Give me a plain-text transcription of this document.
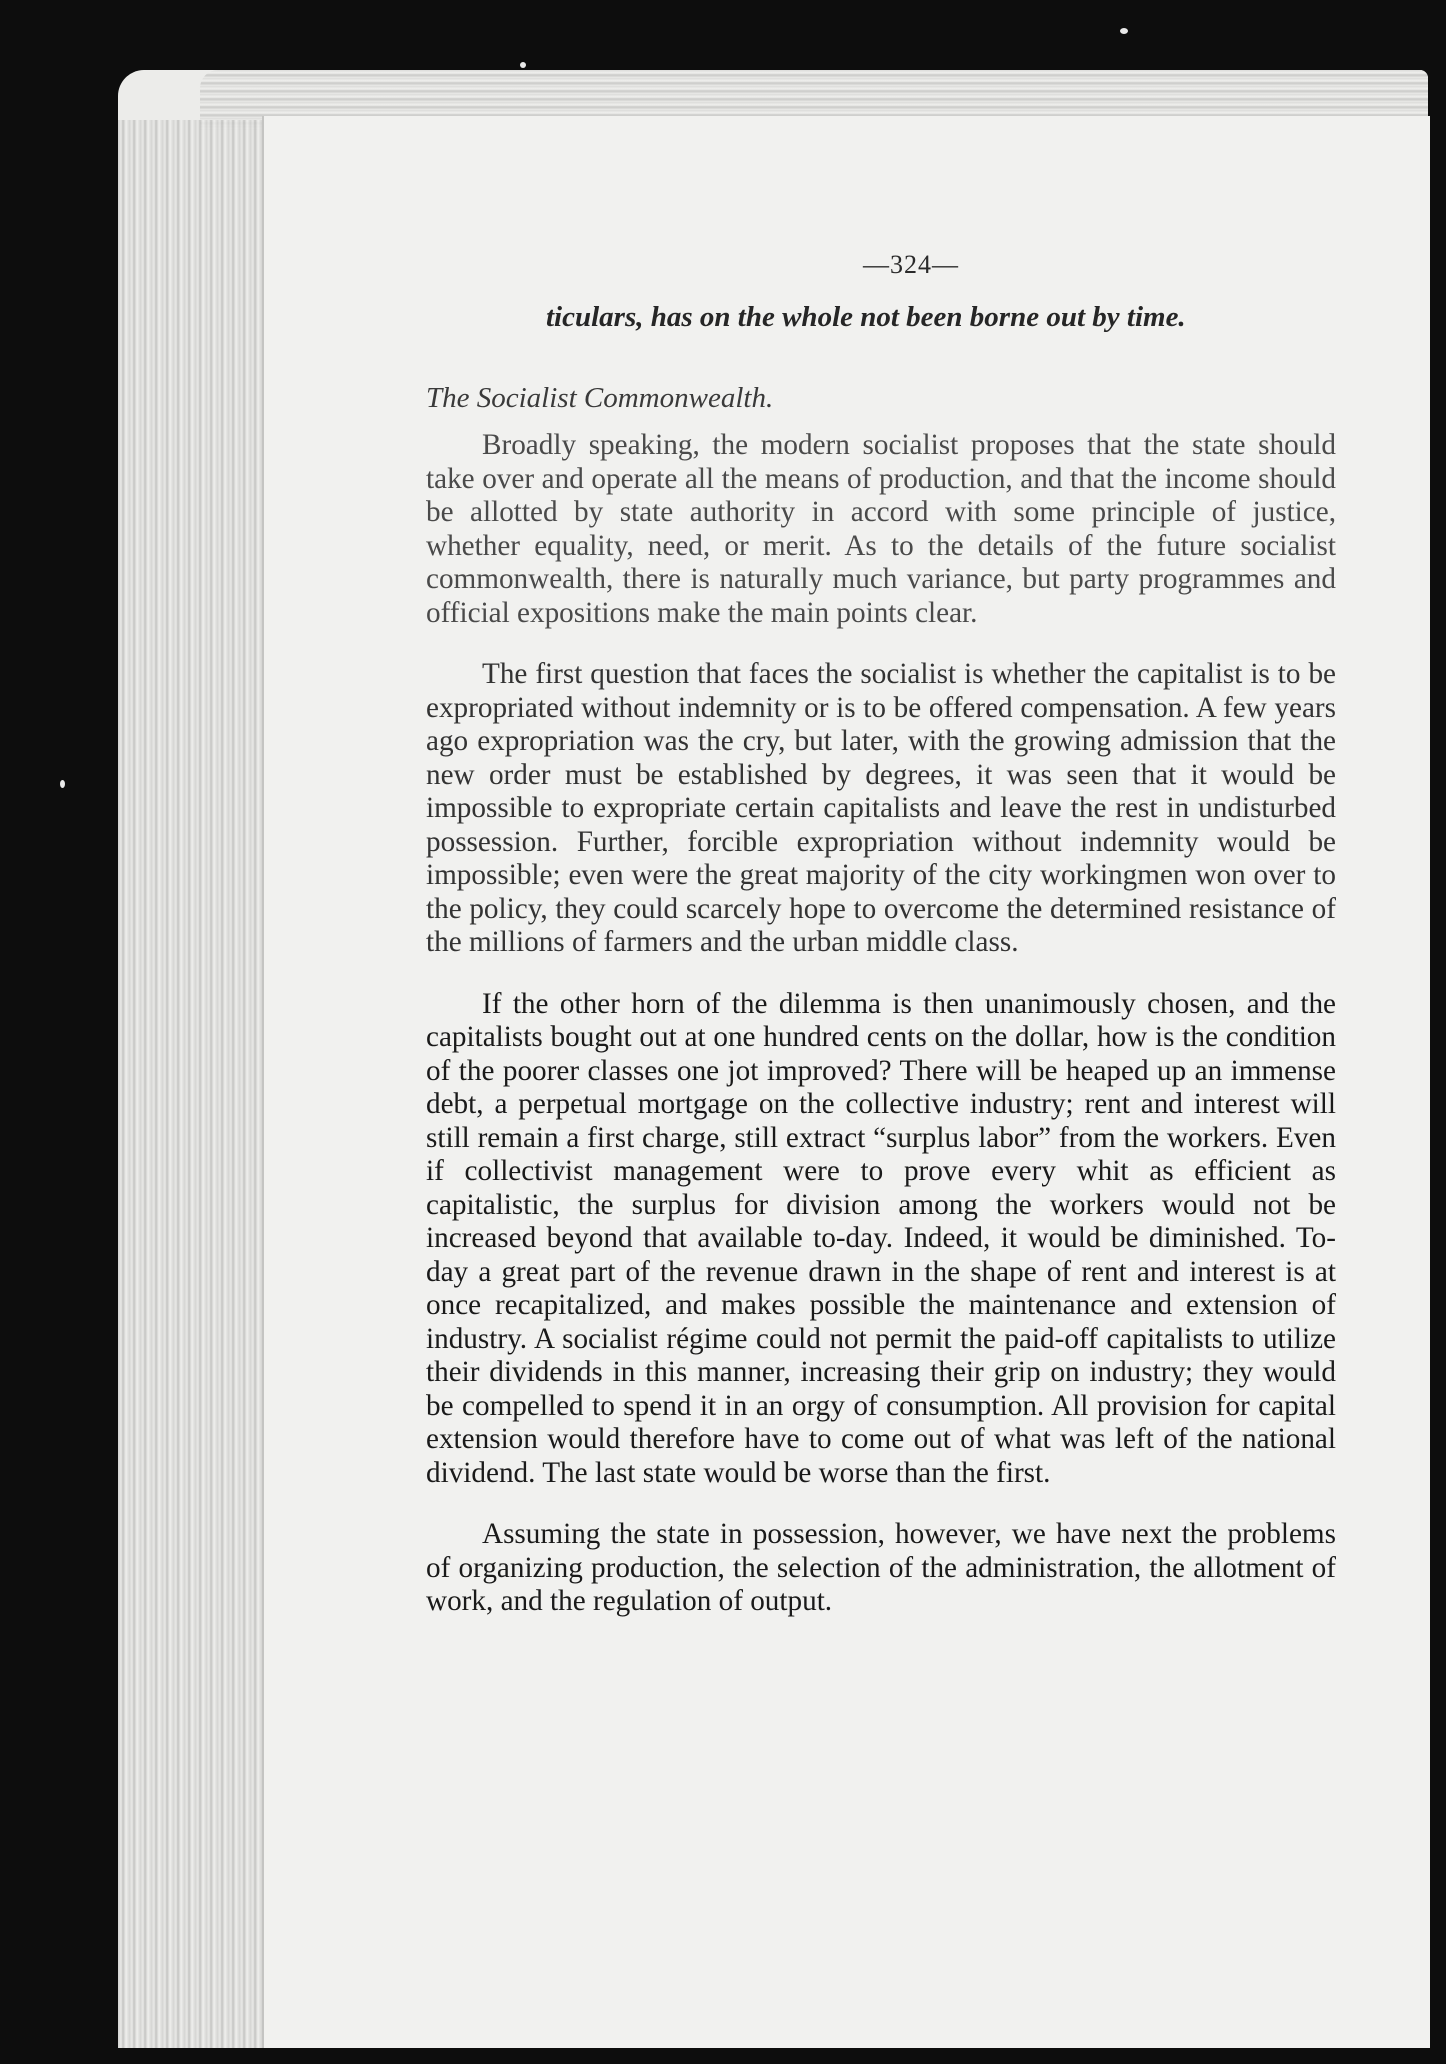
—324—

ticulars, has on the whole not been borne out by time.

The Socialist Commonwealth.

Broadly speaking, the modern socialist proposes that the state should take over and operate all the means of production, and that the income should be allotted by state authority in accord with some principle of justice, whether equality, need, or merit. As to the details of the future socialist commonwealth, there is naturally much variance, but party programmes and official expositions make the main points clear.

The first question that faces the socialist is whether the capitalist is to be expropriated without indemnity or is to be offered compensation. A few years ago expropriation was the cry, but later, with the growing admission that the new order must be established by degrees, it was seen that it would be impossible to expropriate certain capitalists and leave the rest in undisturbed possession. Further, forcible expropriation without indemnity would be impossible; even were the great majority of the city workingmen won over to the policy, they could scarcely hope to overcome the determined resistance of the millions of farmers and the urban middle class.

If the other horn of the dilemma is then unanimously chosen, and the capitalists bought out at one hundred cents on the dollar, how is the condition of the poorer classes one jot improved? There will be heaped up an immense debt, a perpetual mortgage on the collective industry; rent and interest will still remain a first charge, still extract “surplus labor” from the workers. Even if collectivist management were to prove every whit as efficient as capitalistic, the surplus for division among the workers would not be increased beyond that available to-day. Indeed, it would be diminished. To-day a great part of the revenue drawn in the shape of rent and interest is at once recapitalized, and makes possible the maintenance and extension of industry. A socialist régime could not permit the paid-off capitalists to utilize their dividends in this manner, increasing their grip on industry; they would be compelled to spend it in an orgy of consumption. All provision for capital extension would therefore have to come out of what was left of the national dividend. The last state would be worse than the first.

Assuming the state in possession, however, we have next the problems of organizing production, the selection of the administration, the allotment of work, and the regulation of output.
